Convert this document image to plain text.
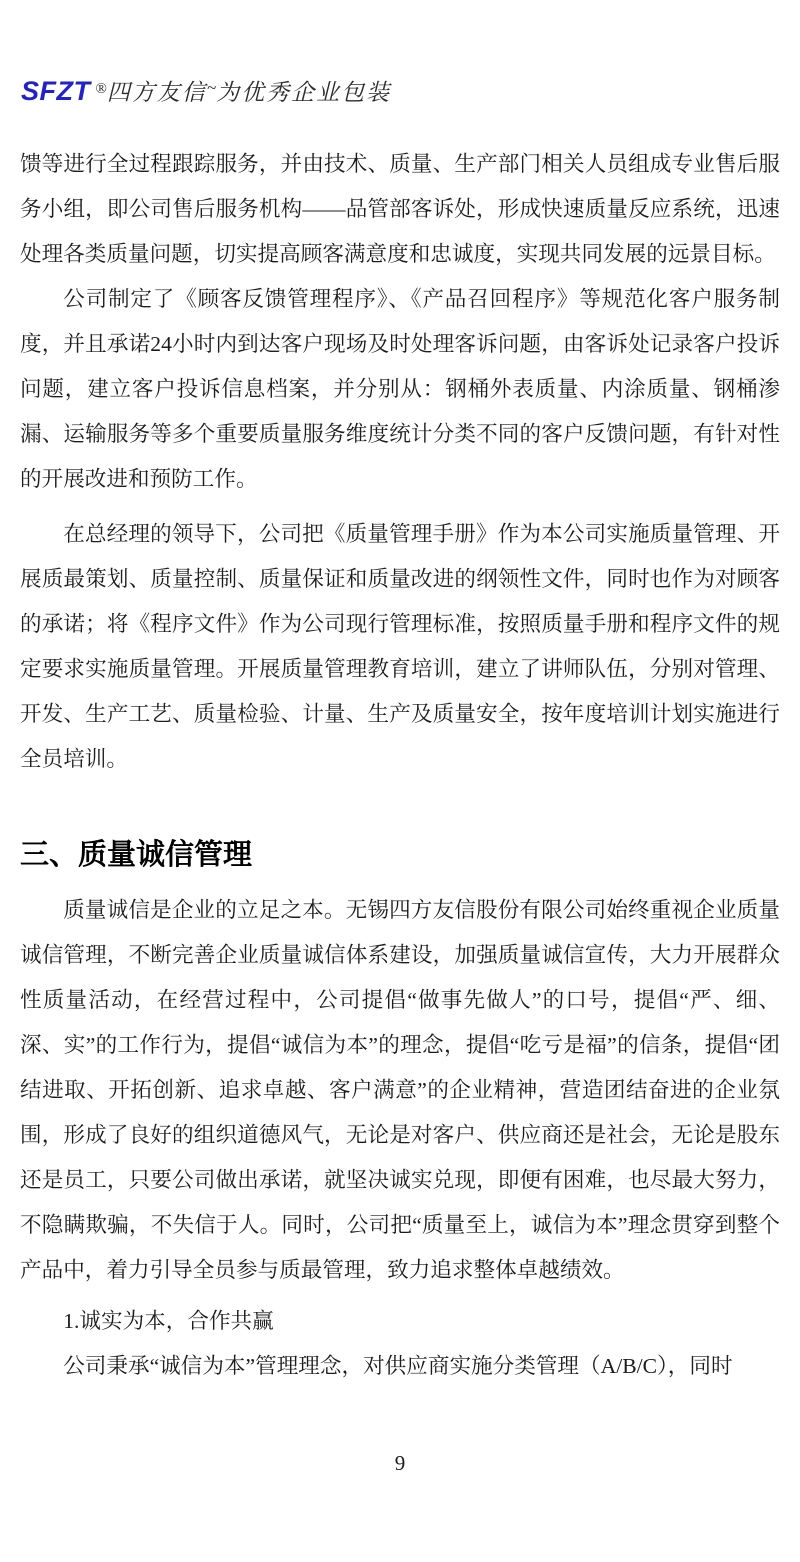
SFZT ®四方友信~为优秀企业包装

馈等进行全过程跟踪服务，并由技术、质量、生产部门相关人员组成专业售后服务小组，即公司售后服务机构——品管部客诉处，形成快速质量反应系统，迅速处理各类质量问题，切实提高顾客满意度和忠诚度，实现共同发展的远景目标。

公司制定了《顾客反馈管理程序》、《产品召回程序》等规范化客户服务制度，并且承诺24小时内到达客户现场及时处理客诉问题，由客诉处记录客户投诉问题，建立客户投诉信息档案，并分别从：钢桶外表质量、内涂质量、钢桶渗漏、运输服务等多个重要质量服务维度统计分类不同的客户反馈问题，有针对性的开展改进和预防工作。

在总经理的领导下，公司把《质量管理手册》作为本公司实施质量管理、开展质最策划、质量控制、质量保证和质量改进的纲领性文件，同时也作为对顾客的承诺；将《程序文件》作为公司现行管理标准，按照质量手册和程序文件的规定要求实施质量管理。开展质量管理教育培训，建立了讲师队伍，分别对管理、开发、生产工艺、质量检验、计量、生产及质量安全，按年度培训计划实施进行全员培训。

三、质量诚信管理

质量诚信是企业的立足之本。无锡四方友信股份有限公司始终重视企业质量诚信管理，不断完善企业质量诚信体系建设，加强质量诚信宣传，大力开展群众性质量活动，在经营过程中，公司提倡“做事先做人”的口号，提倡“严、细、深、实”的工作行为，提倡“诚信为本”的理念，提倡“吃亏是福”的信条，提倡“团结进取、开拓创新、追求卓越、客户满意”的企业精神，营造团结奋进的企业氛围，形成了良好的组织道德风气，无论是对客户、供应商还是社会，无论是股东还是员工，只要公司做出承诺，就坚决诚实兑现，即便有困难，也尽最大努力，不隐瞒欺骗，不失信于人。同时，公司把“质量至上，诚信为本”理念贯穿到整个产品中，着力引导全员参与质最管理，致力追求整体卓越绩效。

1.诚实为本，合作共赢

公司秉承“诚信为本”管理理念，对供应商实施分类管理（A/B/C），同时

9
